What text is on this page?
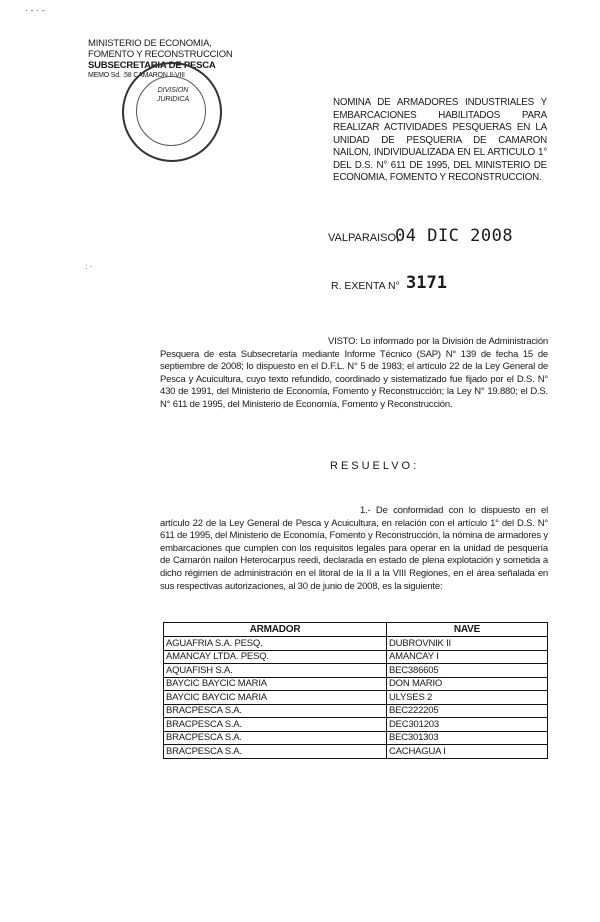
·-·-
MINISTERIO DE ECONOMIA,
FOMENTO Y RECONSTRUCCION
SUBSECRETARIA DE PESCA
MEMO Sd. .58 CAMARON II-VIII
DIVISION JURIDICA	NOMINA DE ARMADORES INDUSTRIALES Y EMBARCACIONES HABILITADOS PARA REALIZAR ACTIVIDADES PESQUERAS EN LA UNIDAD DE PESQUERIA DE CAMARON NAILON, INDIVIDUALIZADA EN EL ARTICULO 1° DEL D.S. N° 611 DE 1995, DEL MINISTERIO DE ECONOMIA, FOMENTO Y RECONSTRUCCION.
VALPARAISO,
04 DIC 2008
: ·
R. EXENTA N° 3171
VISTO: Lo informado por la División de Administración Pesquera de esta Subsecretaría mediante Informe Técnico (SAP) N° 139 de fecha 15 de septiembre de 2008; lo dispuesto en el D.F.L. N° 5 de 1983; el artículo 22 de la Ley General de Pesca y Acuicultura, cuyo texto refundido, coordinado y sistematizado fue fijado por el D.S. N° 430 de 1991, del Ministerio de Economía, Fomento y Reconstrucción; la Ley N° 19.880; el D.S. N° 611 de 1995, del Ministerio de Economía, Fomento y Reconstrucción.
RESUELVO:
1.- De conformidad con lo dispuesto en el artículo 22 de la Ley General de Pesca y Acuicultura, en relación con el artículo 1° del D.S. N° 611 de 1995, del Ministerio de Economía, Fomento y Reconstrucción, la nómina de armadores y embarcaciones que cumplen con los requisitos legales para operar en la unidad de pesquería de Camarón nailon Heterocarpus reedi, declarada en estado de plena explotación y sometida a dicho régimen de administración en el litoral de la II a la VIII Regiones, en el área señalada en sus respectivas autorizaciones, al 30 de junio de 2008, es la siguiente:
ARMADOR	NAVE
AGUAFRIA S.A. PESQ.	DUBROVNIK II
AMANCAY LTDA. PESQ.	AMANCAY I
AQUAFISH S.A.	BEC386605
BAYCIC BAYCIC MARIA	DON MARIO
BAYCIC BAYCIC MARIA	ULYSES 2
BRACPESCA S.A.	BEC222205
BRACPESCA S.A.	DEC301203
BRACPESCA S.A.	BEC301303
BRACPESCA S.A.	CACHAGUA I
